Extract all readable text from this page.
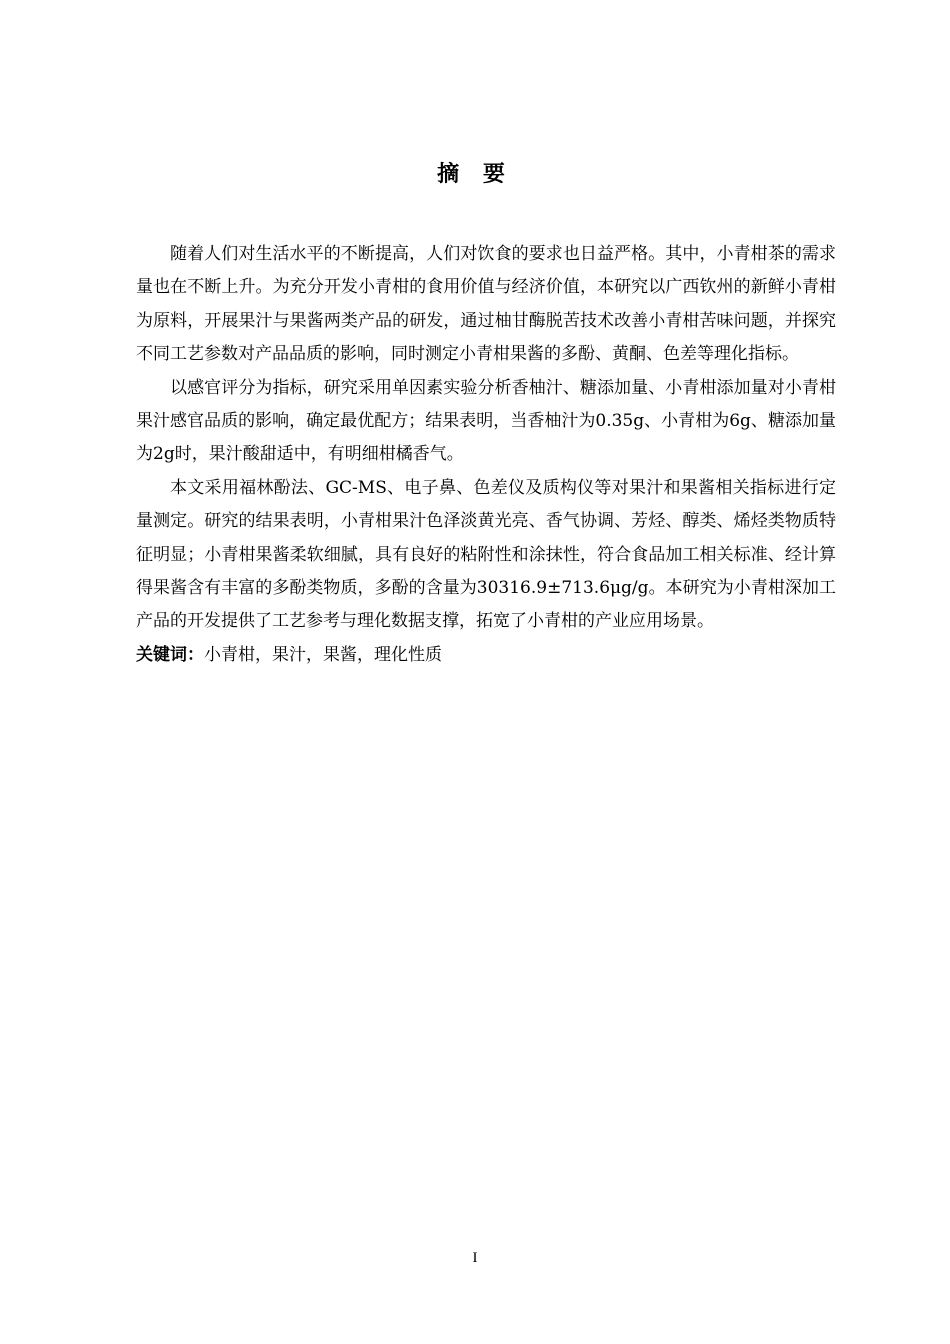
摘 要

随着人们对生活水平的不断提高，人们对饮食的要求也日益严格。其中，小青柑茶的需求量也在不断上升。为充分开发小青柑的食用价值与经济价值，本研究以广西钦州的新鲜小青柑为原料，开展果汁与果酱两类产品的研发，通过柚甘酶脱苦技术改善小青柑苦味问题，并探究不同工艺参数对产品品质的影响，同时测定小青柑果酱的多酚、黄酮、色差等理化指标。

以感官评分为指标，研究采用单因素实验分析香柚汁、糖添加量、小青柑添加量对小青柑果汁感官品质的影响，确定最优配方；结果表明，当香柚汁为0.35g、小青柑为6g、糖添加量为2g时，果汁酸甜适中，有明细柑橘香气。

本文采用福林酚法、GC-MS、电子鼻、色差仪及质构仪等对果汁和果酱相关指标进行定量测定。研究的结果表明，小青柑果汁色泽淡黄光亮、香气协调、芳烃、醇类、烯烃类物质特征明显；小青柑果酱柔软细腻，具有良好的粘附性和涂抹性，符合食品加工相关标准、经计算得果酱含有丰富的多酚类物质，多酚的含量为30316.9±713.6μg/g。本研究为小青柑深加工产品的开发提供了工艺参考与理化数据支撑，拓宽了小青柑的产业应用场景。

关键词：小青柑，果汁，果酱，理化性质

I
